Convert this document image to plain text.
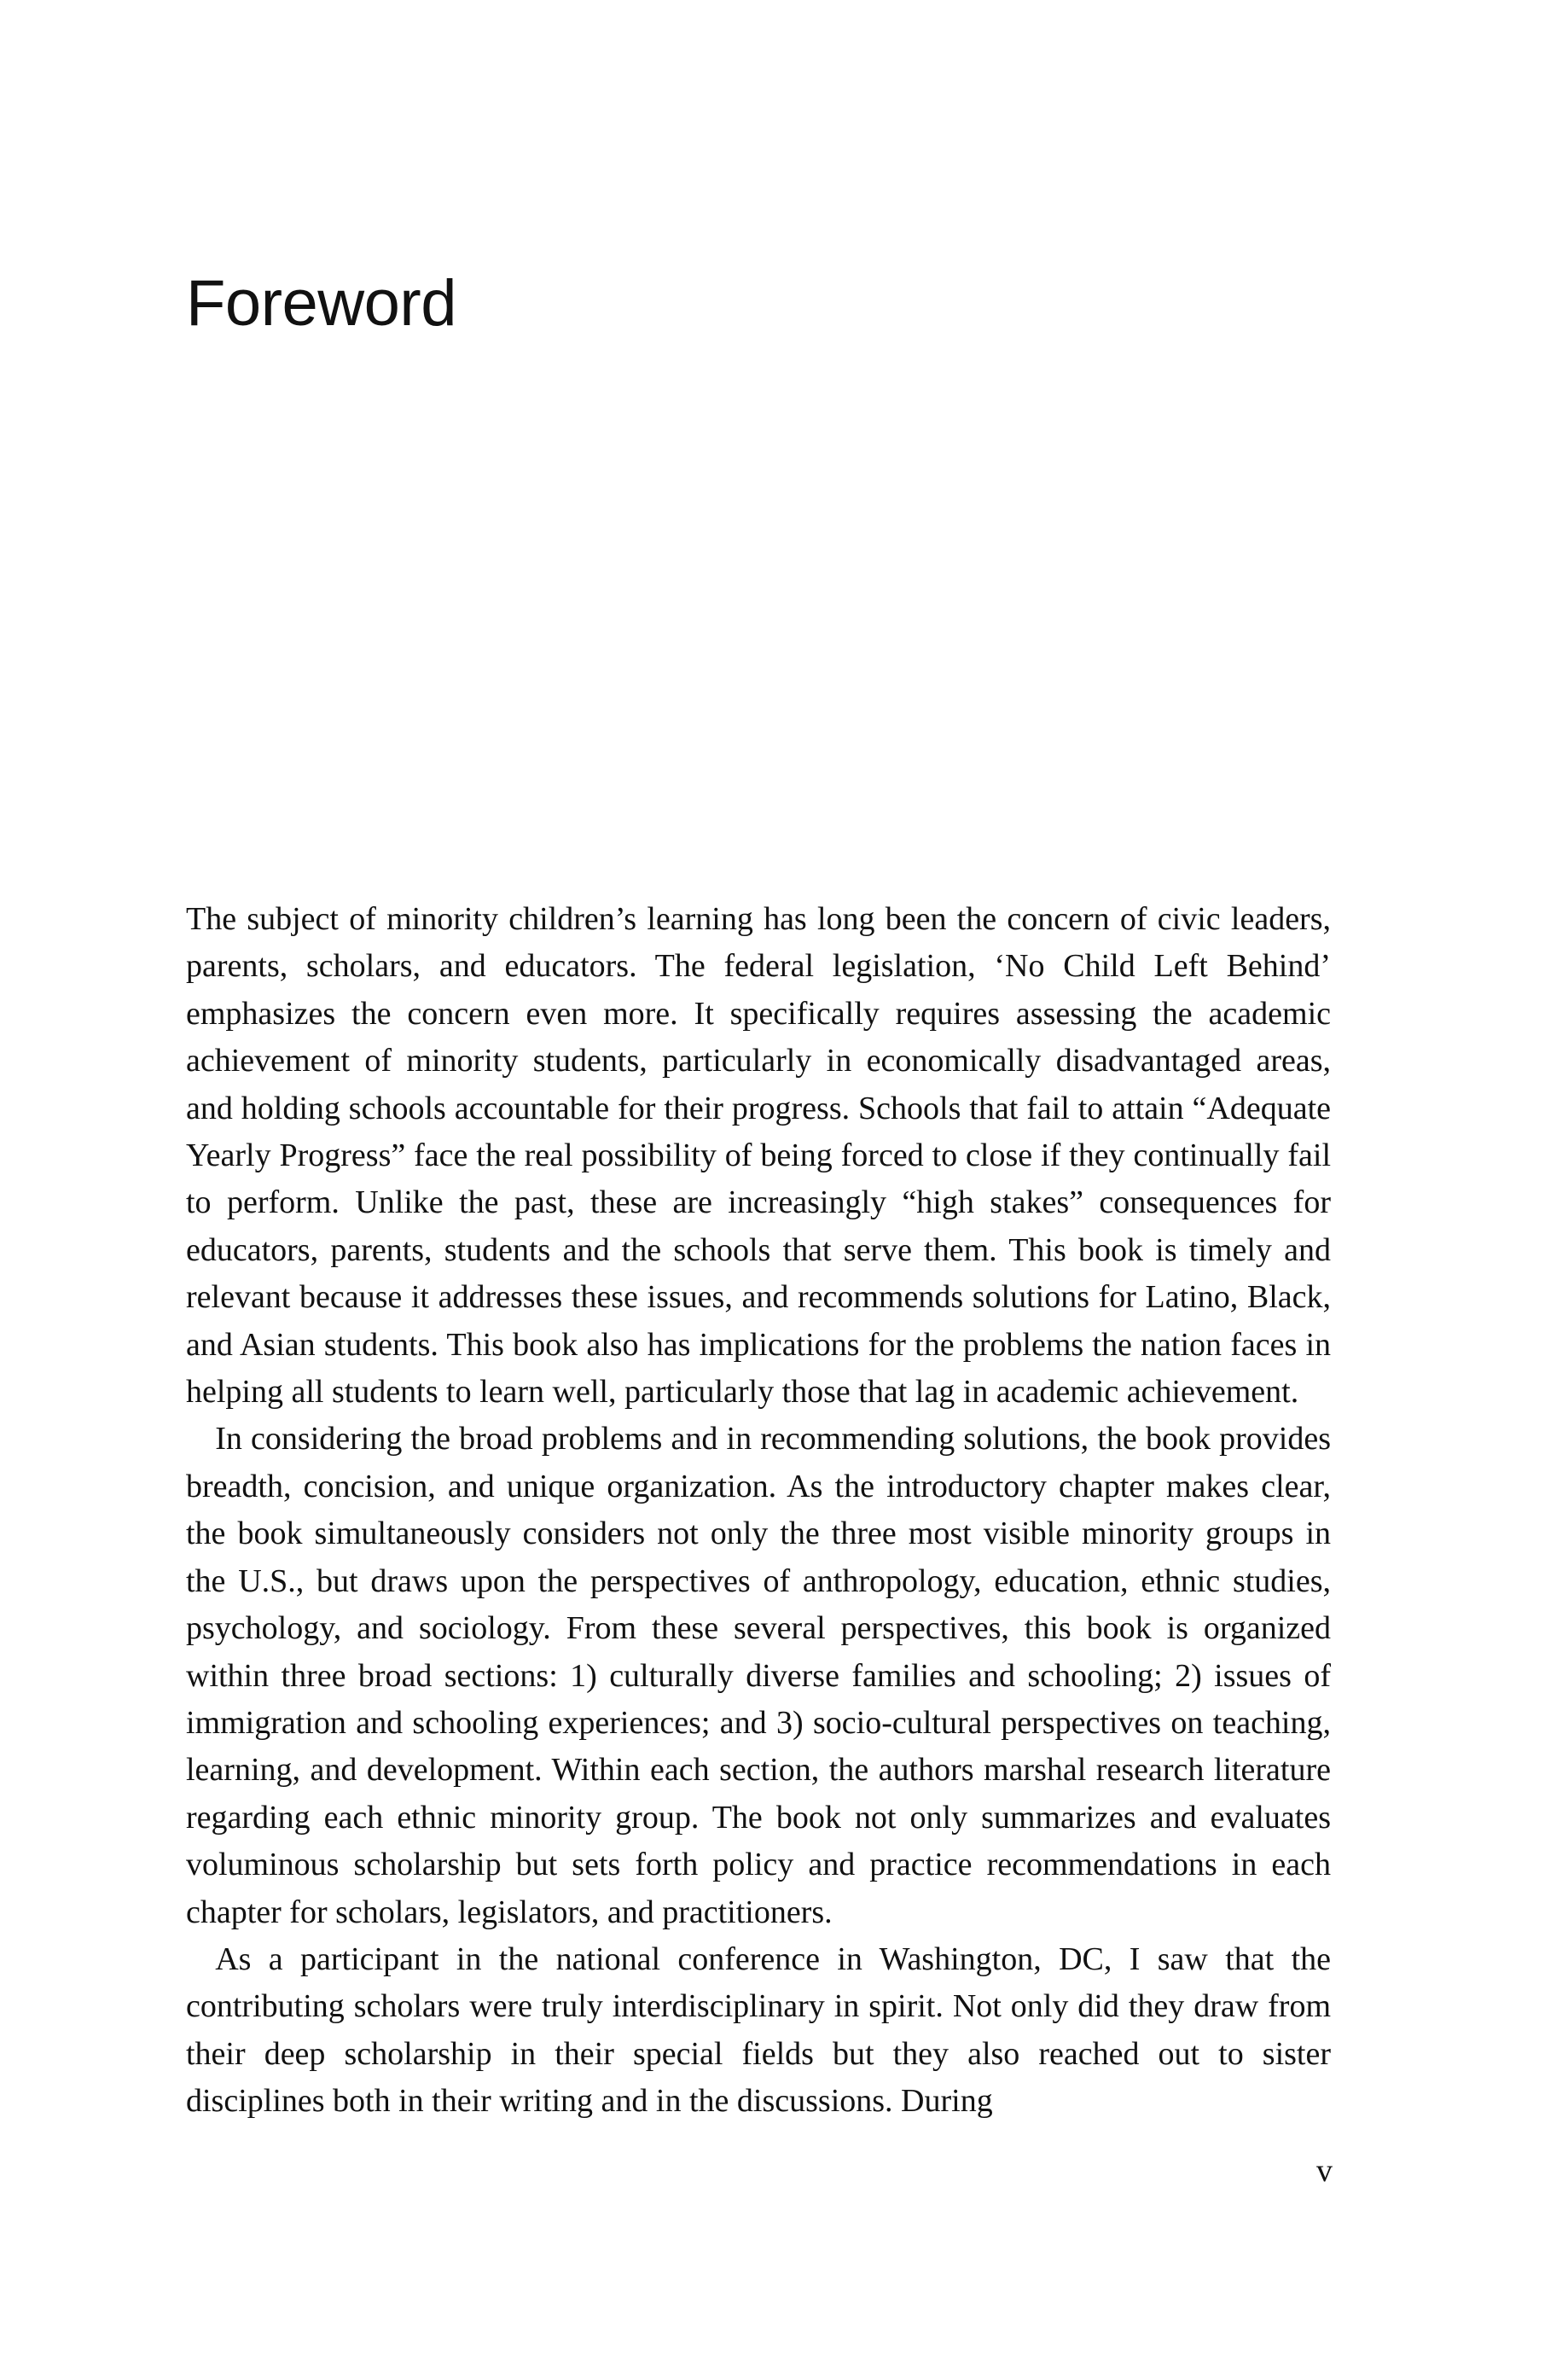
Foreword

The subject of minority children’s learning has long been the concern of civic leaders, parents, scholars, and educators. The federal legislation, ‘No Child Left Behind’ emphasizes the concern even more. It specifically requires assessing the academic achievement of minority students, particularly in economically disadvantaged areas, and holding schools accountable for their progress. Schools that fail to attain “Adequate Yearly Progress” face the real possibility of being forced to close if they continually fail to perform. Unlike the past, these are increasingly “high stakes” consequences for educators, parents, students and the schools that serve them. This book is timely and relevant because it addresses these issues, and recommends solutions for Latino, Black, and Asian students. This book also has implications for the problems the nation faces in helping all students to learn well, particularly those that lag in academic achievement.

In considering the broad problems and in recommending solutions, the book provides breadth, concision, and unique organization. As the introductory chapter makes clear, the book simultaneously considers not only the three most visible minority groups in the U.S., but draws upon the perspectives of anthropology, education, ethnic studies, psychology, and sociology. From these several perspectives, this book is organized within three broad sections: 1) culturally diverse families and schooling; 2) issues of immigration and schooling experiences; and 3) socio-cultural perspectives on teaching, learning, and development. Within each section, the authors marshal research literature regarding each ethnic minority group. The book not only summarizes and evaluates voluminous scholarship but sets forth policy and practice recommendations in each chapter for scholars, legislators, and practitioners.

As a participant in the national conference in Washington, DC, I saw that the contributing scholars were truly interdisciplinary in spirit. Not only did they draw from their deep scholarship in their special fields but they also reached out to sister disciplines both in their writing and in the discussions. During

v
